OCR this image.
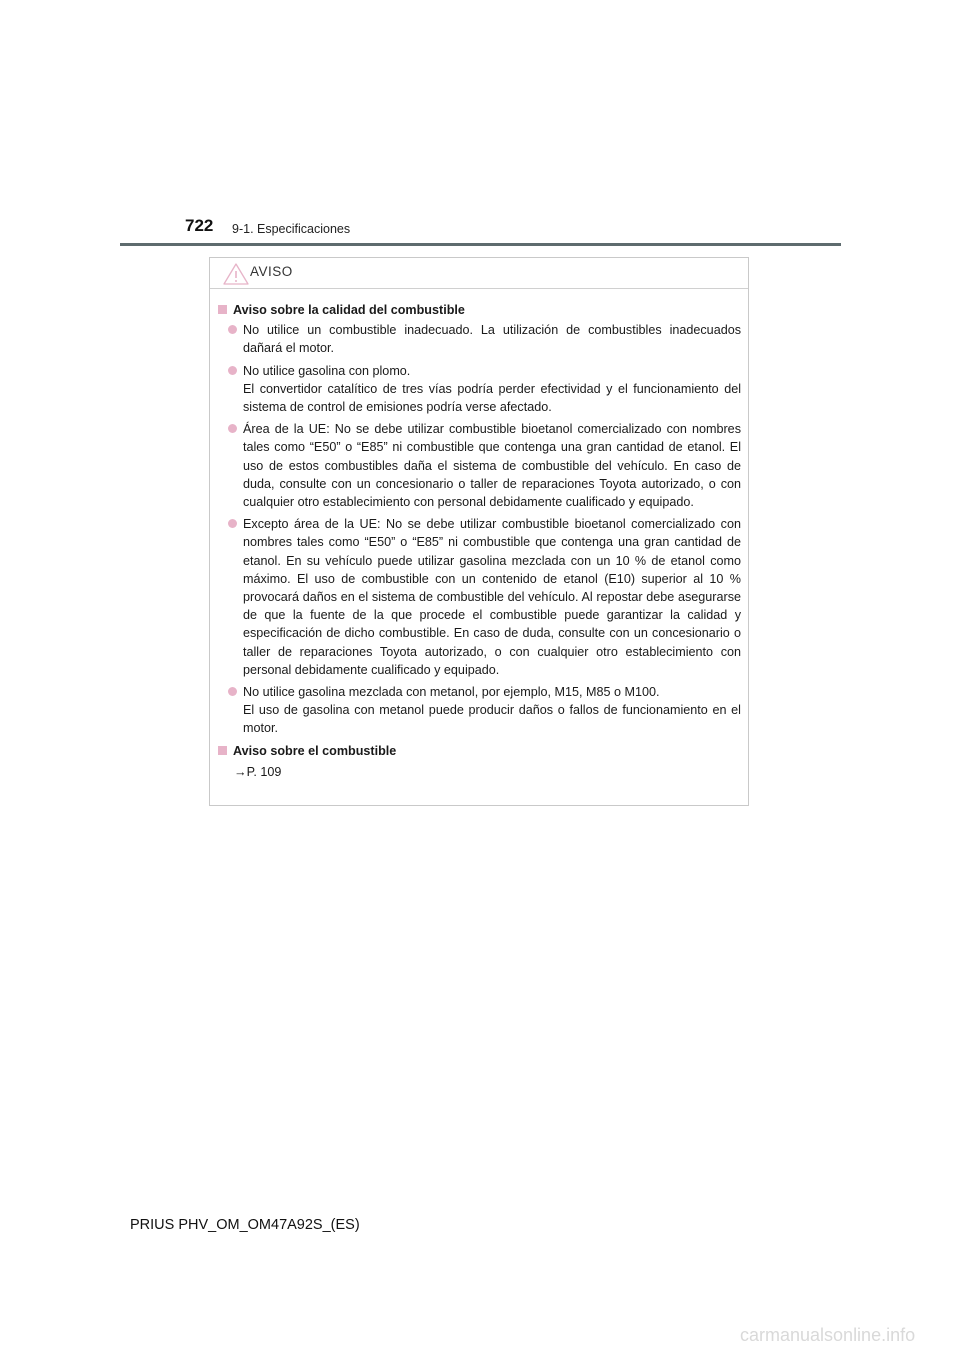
722 9-1. Especificaciones
AVISO
Aviso sobre la calidad del combustible
No utilice un combustible inadecuado. La utilización de combustibles inadecuados dañará el motor.
No utilice gasolina con plomo.
El convertidor catalítico de tres vías podría perder efectividad y el funcionamiento del sistema de control de emisiones podría verse afectado.
Área de la UE: No se debe utilizar combustible bioetanol comercializado con nombres tales como “E50” o “E85” ni combustible que contenga una gran cantidad de etanol. El uso de estos combustibles daña el sistema de combustible del vehículo. En caso de duda, consulte con un concesionario o taller de reparaciones Toyota autorizado, o con cualquier otro establecimiento con personal debidamente cualificado y equipado.
Excepto área de la UE: No se debe utilizar combustible bioetanol comercializado con nombres tales como “E50” o “E85” ni combustible que contenga una gran cantidad de etanol. En su vehículo puede utilizar gasolina mezclada con un 10 % de etanol como máximo. El uso de combustible con un contenido de etanol (E10) superior al 10 % provocará daños en el sistema de combustible del vehículo. Al repostar debe asegurarse de que la fuente de la que procede el combustible puede garantizar la calidad y especificación de dicho combustible. En caso de duda, consulte con un concesionario o taller de reparaciones Toyota autorizado, o con cualquier otro establecimiento con personal debidamente cualificado y equipado.
No utilice gasolina mezclada con metanol, por ejemplo, M15, M85 o M100.
El uso de gasolina con metanol puede producir daños o fallos de funcionamiento en el motor.
Aviso sobre el combustible
→P. 109
PRIUS PHV_OM_OM47A92S_(ES)
carmanualsonline.info
